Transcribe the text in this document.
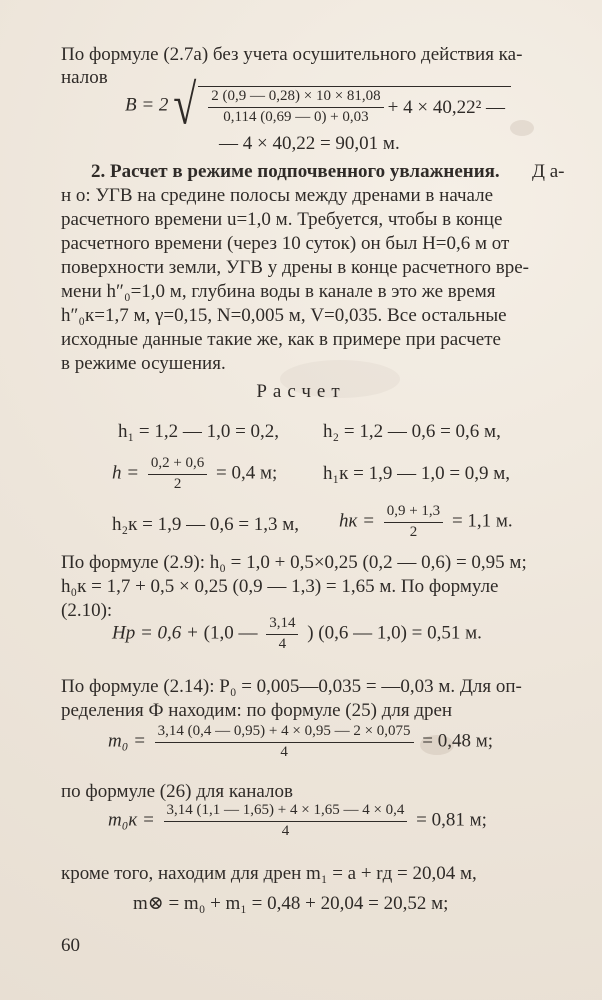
По формуле (2.7а) без учета осушительного действия ка-
налов
B = 2 √ $\frac{2 (0,9 — 0,28) \times 10 \times 81,08}{0,114 (0,69 — 0) + 0,03} + 4 \times 40,22^2$ —
— 4 × 40,22 = 90,01 м.
2. Расчет в режиме подпочвенного увлажнения. Д а-
н о: УГВ на средине полосы между дренами в начале
расчетного времени u=1,0 м. Требуется, чтобы в конце
расчетного времени (через 10 суток) он был H=0,6 м от
поверхности земли, УГВ у дрены в конце расчетного вре-
мени h″₀=1,0 м, глубина воды в канале в это же время
h″₀к=1,7 м, γ=0,15, N=0,005 м, V=0,035. Все остальные
исходные данные такие же, как в примере при расчете
в режиме осушения.
Расчет
h₁ = 1,2 — 1,0 = 0,2, h₂ = 1,2 — 0,6 = 0,6 м,
$h = \frac{0,2 + 0,6}{2} = 0,4$ м; h₁к = 1,9 — 1,0 = 0,9 м,
h₂к = 1,9 — 0,6 = 1,3 м, hк = $\frac{0,9 + 1,3}{2} = 1,1$ м.
По формуле (2.9): h₀ = 1,0 + 0,5×0,25 (0,2 — 0,6) = 0,95 м;
h₀к = 1,7 + 0,5 × 0,25 (0,9 — 1,3) = 1,65 м. По формуле
(2.10):
Hр = 0,6 + (1,0 — $\frac{3,14}{4}$ ) (0,6 — 1,0) = 0,51 м.
По формуле (2.14): P₀ = 0,005—0,035 = —0,03 м. Для оп-
ределения Ф находим: по формуле (25) для дрен
$m_0 = \frac{3,14 (0,4 — 0,95) + 4 \times 0,95 — 2 \times 0,075}{4} = 0,48$ м;
по формуле (26) для каналов
$m_0к = \frac{3,14 (1,1 — 1,65) + 4 \times 1,65 — 4 \times 0,4}{4} = 0,81$ м;
кроме того, находим для дрен m₁ = a + rд = 20,04 м,
m⊗ = m₀ + m₁ = 0,48 + 20,04 = 20,52 м;
60
